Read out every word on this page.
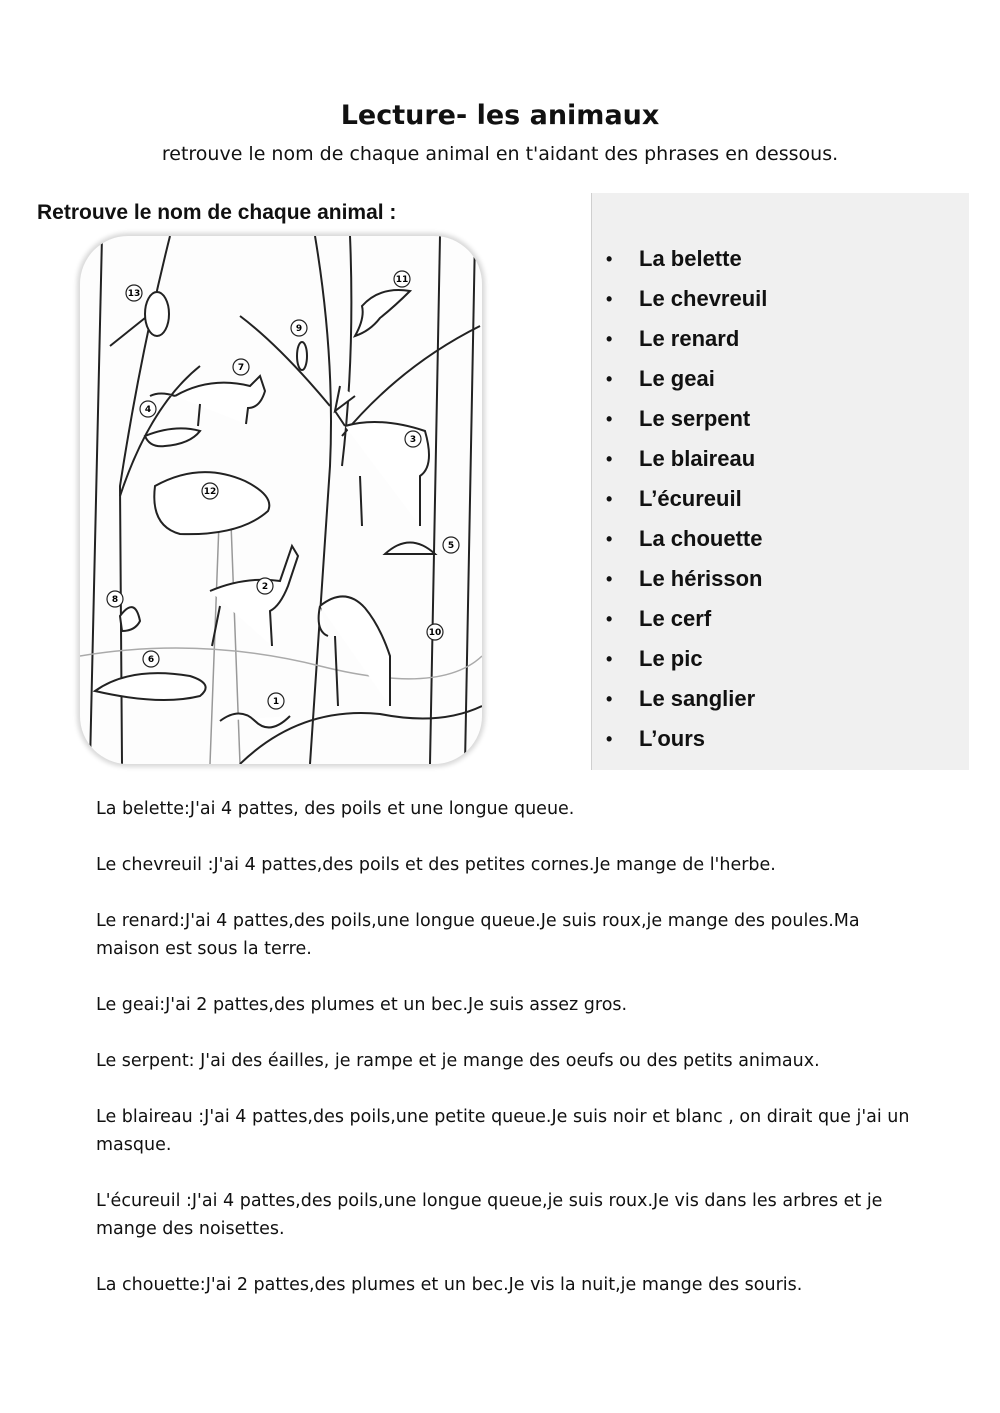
Lecture- les animaux
retrouve le nom de chaque animal en t'aidant des phrases en dessous.
Retrouve le nom de chaque animal :
1
2
3
4
5
6
7
8
9
10
11
12
13
•	La belette
•	Le chevreuil
•	Le renard
•	Le geai
•	Le serpent
•	Le blaireau
•	L’écureuil
•	La chouette
•	Le hérisson
•	Le cerf
•	Le pic
•	Le sanglier
•	L’ours

La belette:J'ai 4 pattes, des poils et une longue queue.

Le chevreuil :J'ai 4 pattes,des poils et des petites cornes.Je mange de l'herbe.

Le renard:J'ai 4 pattes,des poils,une longue queue.Je suis roux,je mange des poules.Ma maison est sous la terre.

Le geai:J'ai 2 pattes,des plumes et un bec.Je suis assez gros.

Le serpent: J'ai des éailles, je rampe et je mange des oeufs ou des petits animaux.

Le blaireau :J'ai 4 pattes,des poils,une petite queue.Je suis noir et blanc , on dirait que j'ai un masque.

L'écureuil :J'ai 4 pattes,des poils,une longue queue,je suis roux.Je vis dans les arbres et je mange des noisettes.

La chouette:J'ai 2 pattes,des plumes et un bec.Je vis la nuit,je mange des souris.
